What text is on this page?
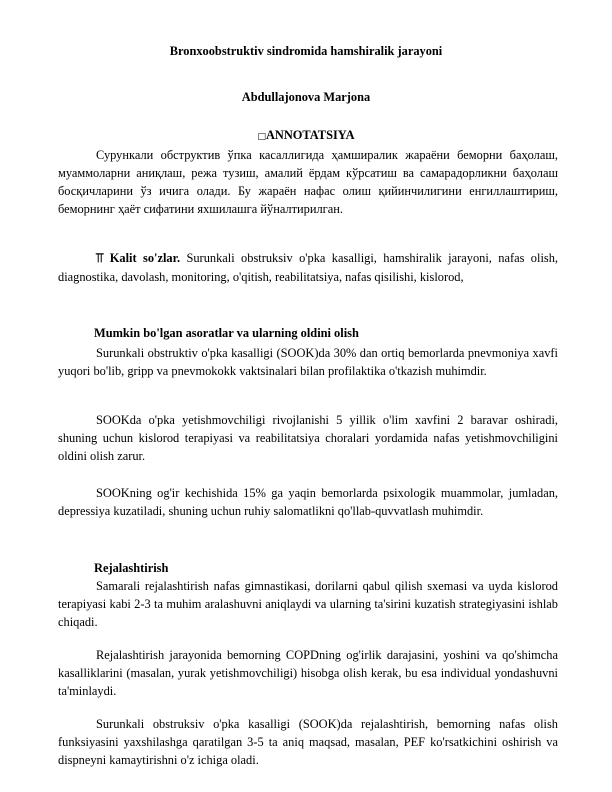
Bronxoobstruktiv sindromida hamshiralik jarayoni
Abdullajonova Marjona
□ANNOTATSIYA
Сурункали обструктив ўпка касаллигида ҳамширалик жараёни беморни баҳолаш, муаммоларни аниқлаш, режа тузиш, амалий ёрдам кўрсатиш ва самарадорликни баҳолаш босқичларини ўз ичига олади. Бу жараён нафас олиш қийинчилигини енгиллаштириш, беморнинг ҳаёт сифатини яхшилашга йўналтирилган.
⫪ Kalit so'zlar. Surunkali obstruksiv o'pka kasalligi, hamshiralik jarayoni, nafas olish, diagnostika, davolash, monitoring, o'qitish, reabilitatsiya, nafas qisilishi, kislorod,
Mumkin bo'lgan asoratlar va ularning oldini olish
Surunkali obstruktiv o'pka kasalligi (SOOK)da 30% dan ortiq bemorlarda pnevmoniya xavfi yuqori bo'lib, gripp va pnevmokokk vaktsinalari bilan profilaktika o'tkazish muhimdir.
SOOKda o'pka yetishmovchiligi rivojlanishi 5 yillik o'lim xavfini 2 baravar oshiradi, shuning uchun kislorod terapiyasi va reabilitatsiya choralari yordamida nafas yetishmovchiligini oldini olish zarur.
SOOKning og'ir kechishida 15% ga yaqin bemorlarda psixologik muammolar, jumladan, depressiya kuzatiladi, shuning uchun ruhiy salomatlikni qo'llab-quvvatlash muhimdir.
Rejalashtirish
Samarali rejalashtirish nafas gimnastikasi, dorilarni qabul qilish sxemasi va uyda kislorod terapiyasi kabi 2-3 ta muhim aralashuvni aniqlaydi va ularning ta'sirini kuzatish strategiyasini ishlab chiqadi.
Rejalashtirish jarayonida bemorning COPDning og'irlik darajasini, yoshini va qo'shimcha kasalliklarini (masalan, yurak yetishmovchiligi) hisobga olish kerak, bu esa individual yondashuvni ta'minlaydi.
Surunkali obstruksiv o'pka kasalligi (SOOK)da rejalashtirish, bemorning nafas olish funksiyasini yaxshilashga qaratilgan 3-5 ta aniq maqsad, masalan, PEF ko'rsatkichini oshirish va dispneyni kamaytirishni o'z ichiga oladi.
